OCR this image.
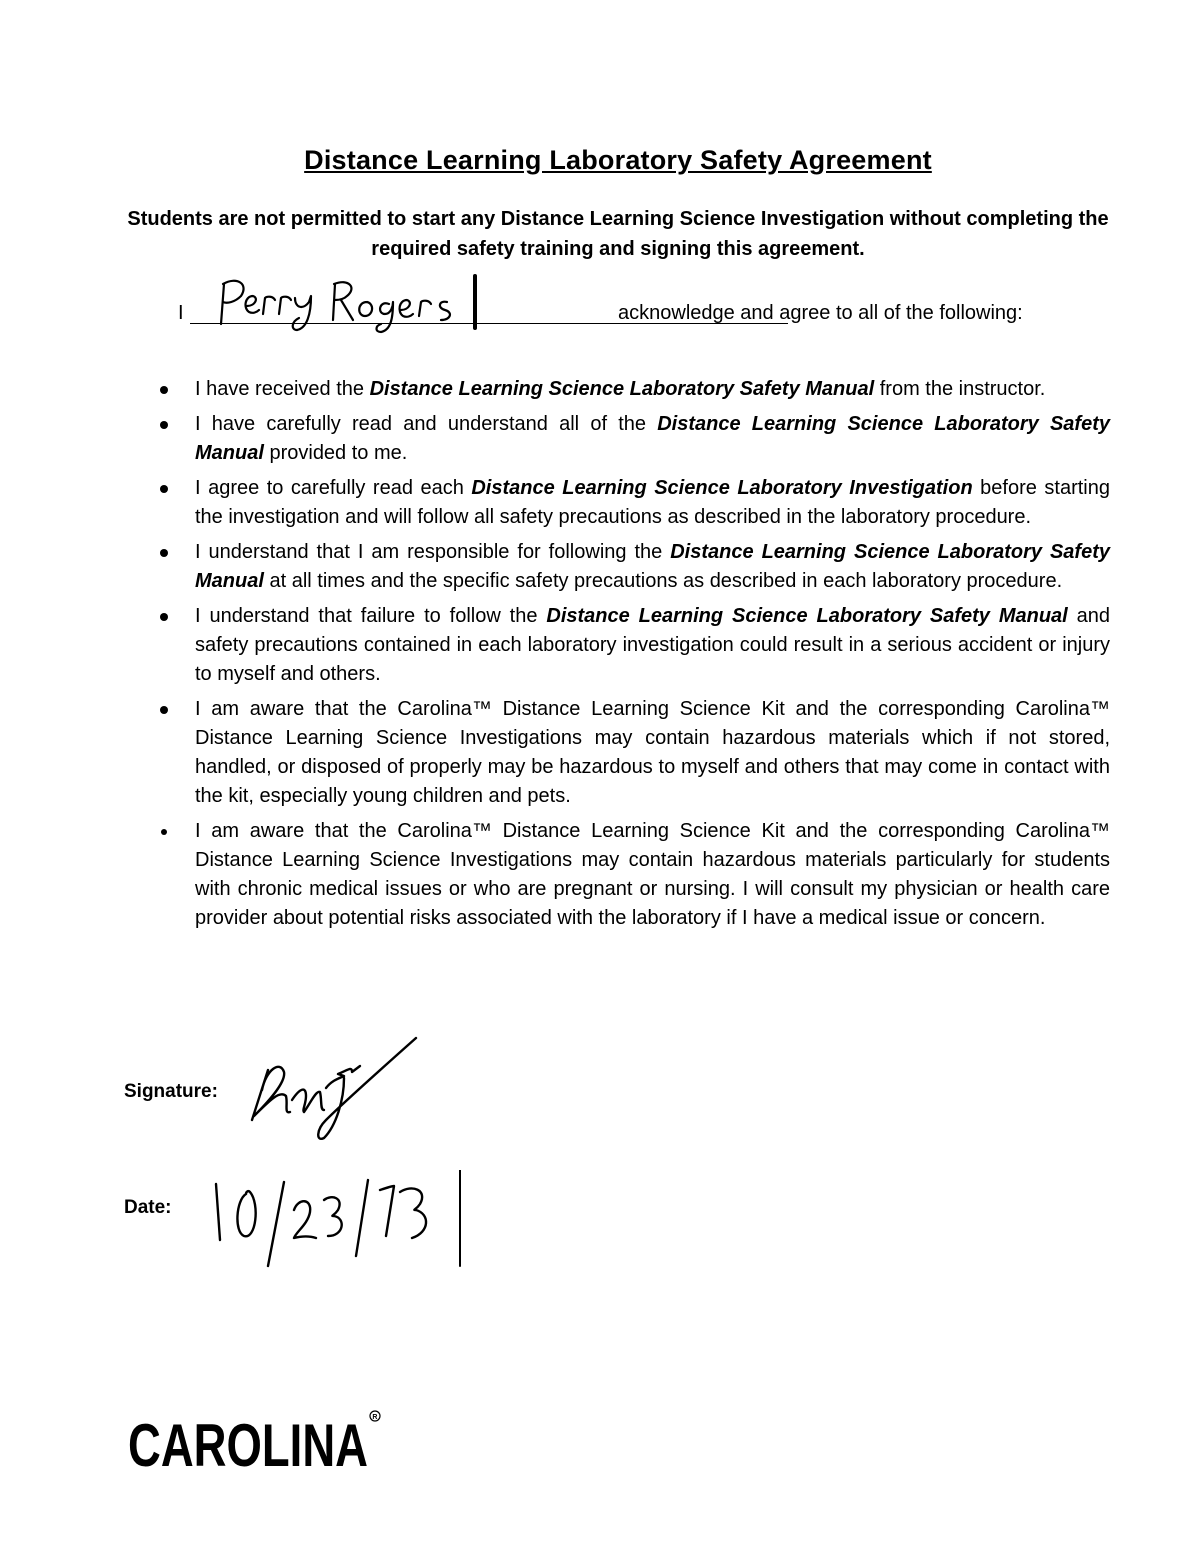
Distance Learning Laboratory Safety Agreement
Students are not permitted to start any Distance Learning Science Investigation without completing the required safety training and signing this agreement.
I	acknowledge and agree to all of the following:
I have received the Distance Learning Science Laboratory Safety Manual from the instructor.
I have carefully read and understand all of the Distance Learning Science Laboratory Safety Manual provided to me.
I agree to carefully read each Distance Learning Science Laboratory Investigation before starting the investigation and will follow all safety precautions as described in the laboratory procedure.
I understand that I am responsible for following the Distance Learning Science Laboratory Safety Manual at all times and the specific safety precautions as described in each laboratory procedure.
I understand that failure to follow the Distance Learning Science Laboratory Safety Manual and safety precautions contained in each laboratory investigation could result in a serious accident or injury to myself and others.
I am aware that the Carolina™ Distance Learning Science Kit and the corresponding Carolina™ Distance Learning Science Investigations may contain hazardous materials which if not stored, handled, or disposed of properly may be hazardous to myself and others that may come in contact with the kit, especially young children and pets.
I am aware that the Carolina™ Distance Learning Science Kit and the corresponding Carolina™ Distance Learning Science Investigations may contain hazardous materials particularly for students with chronic medical issues or who are pregnant or nursing. I will consult my physician or health care provider about potential risks associated with the laboratory if I have a medical issue or concern.
Signature:
Date:
CAROLINA R
